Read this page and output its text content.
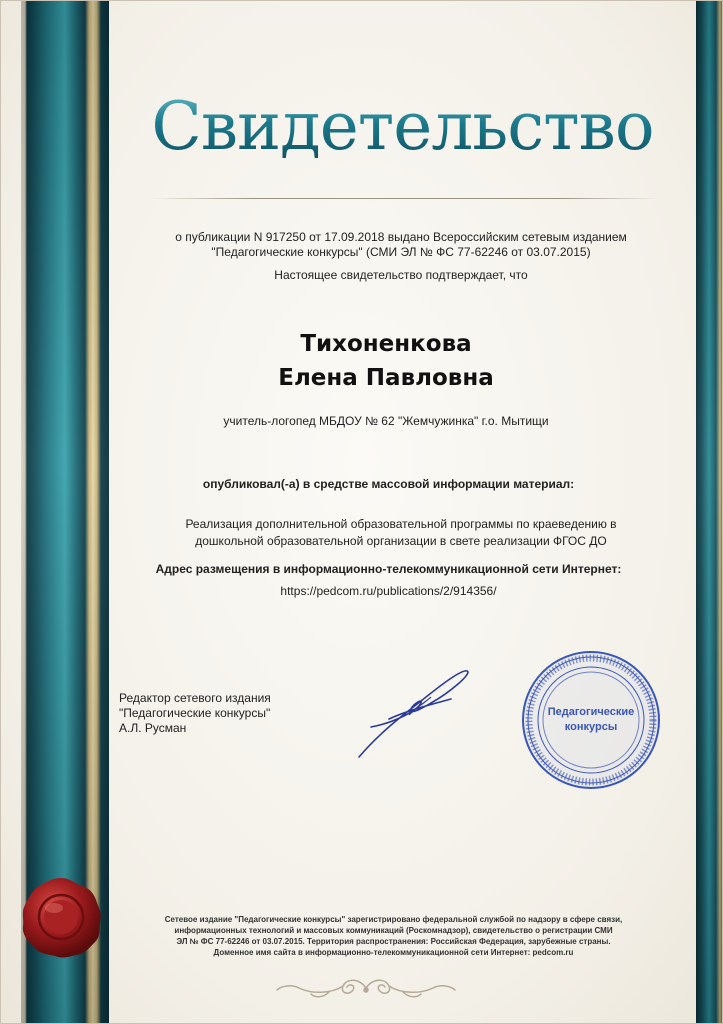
Свидетельство
о публикации N 917250 от 17.09.2018 выдано Всероссийским сетевым изданием
"Педагогические конкурсы" (СМИ ЭЛ № ФС 77-62246 от 03.07.2015)
Настоящее свидетельство подтверждает, что
Тихоненкова
Елена Павловна
учитель-логопед МБДОУ № 62 "Жемчужинка" г.о. Мытищи
опубликовал(-а) в средстве массовой информации материал:
Реализация дополнительной образовательной программы по краеведению в
дошкольной образовательной организации в свете реализации ФГОС ДО
Адрес размещения в информационно-телекоммуникационной сети Интернет:
https://pedcom.ru/publications/2/914356/
Редактор сетевого издания
"Педагогические конкурсы"
А.Л. Русман
Педагогические
конкурсы
Сетевое издание "Педагогические конкурсы" зарегистрировано федеральной службой по надзору в сфере связи,
информационных технологий и массовых коммуникаций (Роскомнадзор), свидетельство о регистрации СМИ
ЭЛ № ФС 77-62246 от 03.07.2015. Территория распространения: Российская Федерация, зарубежные страны.
Доменное имя сайта в информационно-телекоммуникационной сети Интернет: pedcom.ru
